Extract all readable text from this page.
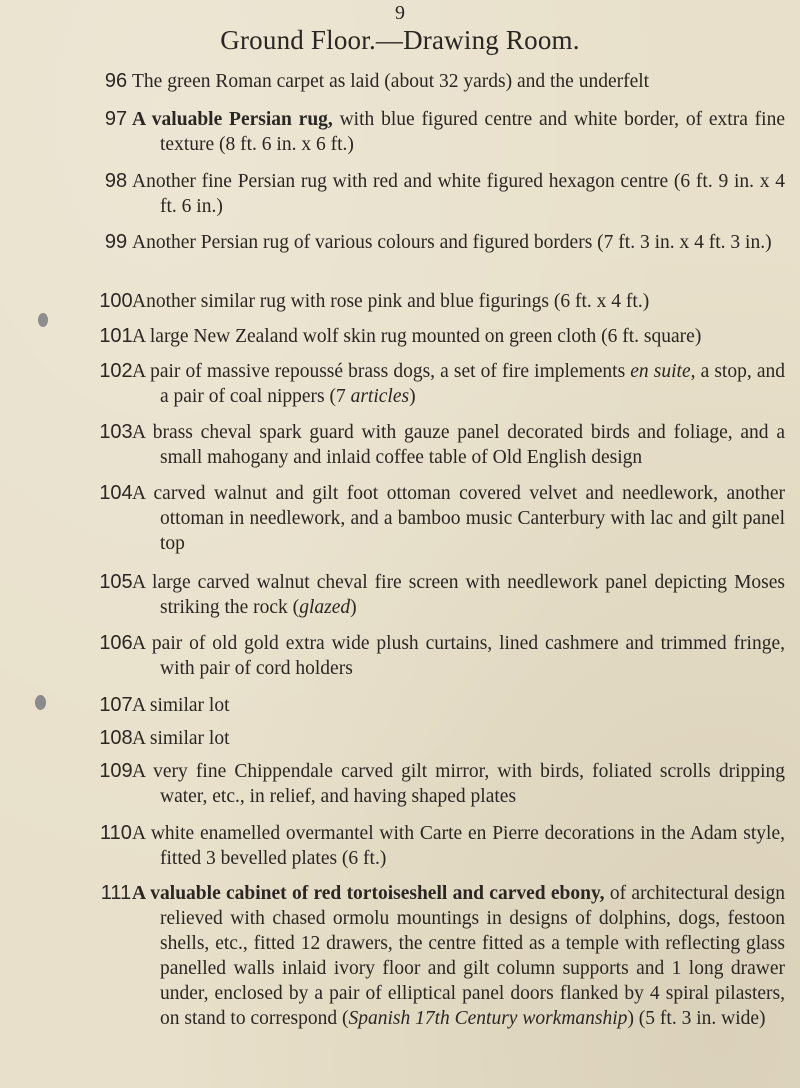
9
Ground Floor.—Drawing Room.
96 The green Roman carpet as laid (about 32 yards) and the underfelt
97 A valuable Persian rug, with blue figured centre and white border, of extra fine texture (8 ft. 6 in. x 6 ft.)
98 Another fine Persian rug with red and white figured hexagon centre (6 ft. 9 in. x 4 ft. 6 in.)
99 Another Persian rug of various colours and figured borders (7 ft. 3 in. x 4 ft. 3 in.)
100 Another similar rug with rose pink and blue figurings (6 ft. x 4 ft.)
101 A large New Zealand wolf skin rug mounted on green cloth (6 ft. square)
102 A pair of massive repoussé brass dogs, a set of fire implements en suite, a stop, and a pair of coal nippers (7 articles)
103 A brass cheval spark guard with gauze panel decorated birds and foliage, and a small mahogany and inlaid coffee table of Old English design
104 A carved walnut and gilt foot ottoman covered velvet and needlework, another ottoman in needlework, and a bamboo music Canterbury with lac and gilt panel top
105 A large carved walnut cheval fire screen with needlework panel depicting Moses striking the rock (glazed)
106 A pair of old gold extra wide plush curtains, lined cashmere and trimmed fringe, with pair of cord holders
107 A similar lot
108 A similar lot
109 A very fine Chippendale carved gilt mirror, with birds, foliated scrolls dripping water, etc., in relief, and having shaped plates
110 A white enamelled overmantel with Carte en Pierre decorations in the Adam style, fitted 3 bevelled plates (6 ft.)
111 A valuable cabinet of red tortoiseshell and carved ebony, of architectural design relieved with chased ormolu mountings in designs of dolphins, dogs, festoon shells, etc., fitted 12 drawers, the centre fitted as a temple with reflecting glass panelled walls inlaid ivory floor and gilt column supports and 1 long drawer under, enclosed by a pair of elliptical panel doors flanked by 4 spiral pilasters, on stand to correspond (Spanish 17th Century workmanship) (5 ft. 3 in. wide)
